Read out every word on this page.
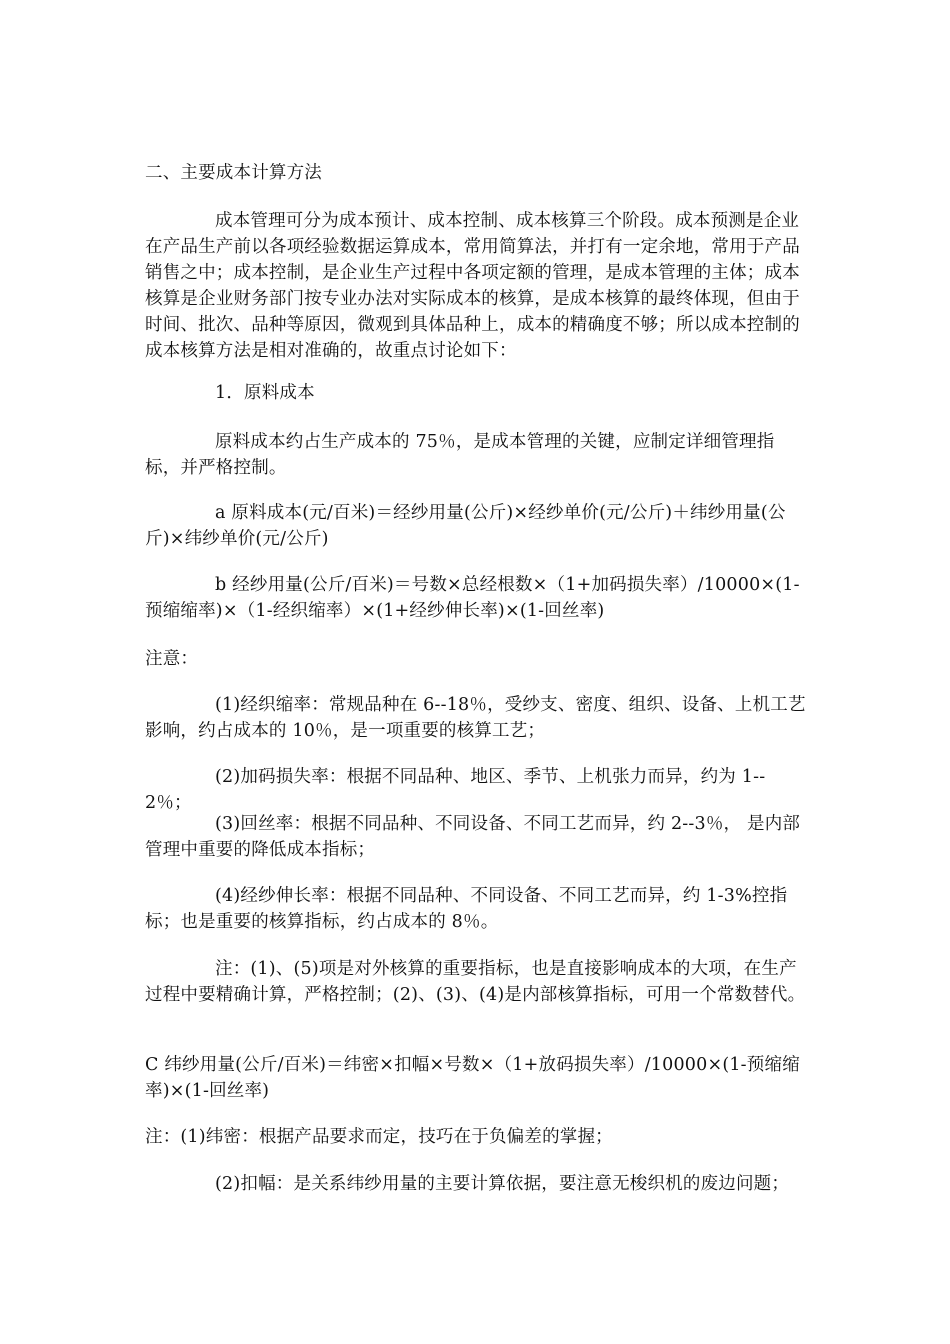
二、主要成本计算方法

成本管理可分为成本预计、成本控制、成本核算三个阶段。成本预测是企业在产品生产前以各项经验数据运算成本，常用简算法，并打有一定余地，常用于产品销售之中；成本控制，是企业生产过程中各项定额的管理，是成本管理的主体；成本核算是企业财务部门按专业办法对实际成本的核算，是成本核算的最终体现，但由于时间、批次、品种等原因，微观到具体品种上，成本的精确度不够；所以成本控制的成本核算方法是相对准确的，故重点讨论如下：

1．原料成本

原料成本约占生产成本的 75％，是成本管理的关键，应制定详细管理指标，并严格控制。

a 原料成本(元/百米)＝经纱用量(公斤)×经纱单价(元/公斤)＋纬纱用量(公斤)×纬纱单价(元/公斤)

b 经纱用量(公斤/百米)＝号数×总经根数×（1+加码损失率）/10000×(1-预缩缩率)×（1-经织缩率）×(1+经纱伸长率)×(1-回丝率)

注意：

(1)经织缩率：常规品种在 6--18％，受纱支、密度、组织、设备、上机工艺影响，约占成本的 10％，是一项重要的核算工艺；

(2)加码损失率：根据不同品种、地区、季节、上机张力而异，约为 1--2％；

(3)回丝率：根据不同品种、不同设备、不同工艺而异，约 2--3％， 是内部管理中重要的降低成本指标；

(4)经纱伸长率：根据不同品种、不同设备、不同工艺而异，约 1-3%控指标；也是重要的核算指标，约占成本的 8％。

注：(1)、(5)项是对外核算的重要指标，也是直接影响成本的大项，在生产过程中要精确计算，严格控制；(2)、(3)、(4)是内部核算指标，可用一个常数替代。

C 纬纱用量(公斤/百米)＝纬密×扣幅×号数×（1+放码损失率）/10000×(1-预缩缩率)×(1-回丝率)

注：(1)纬密：根据产品要求而定，技巧在于负偏差的掌握；

(2)扣幅：是关系纬纱用量的主要计算依据，要注意无梭织机的废边问题；
